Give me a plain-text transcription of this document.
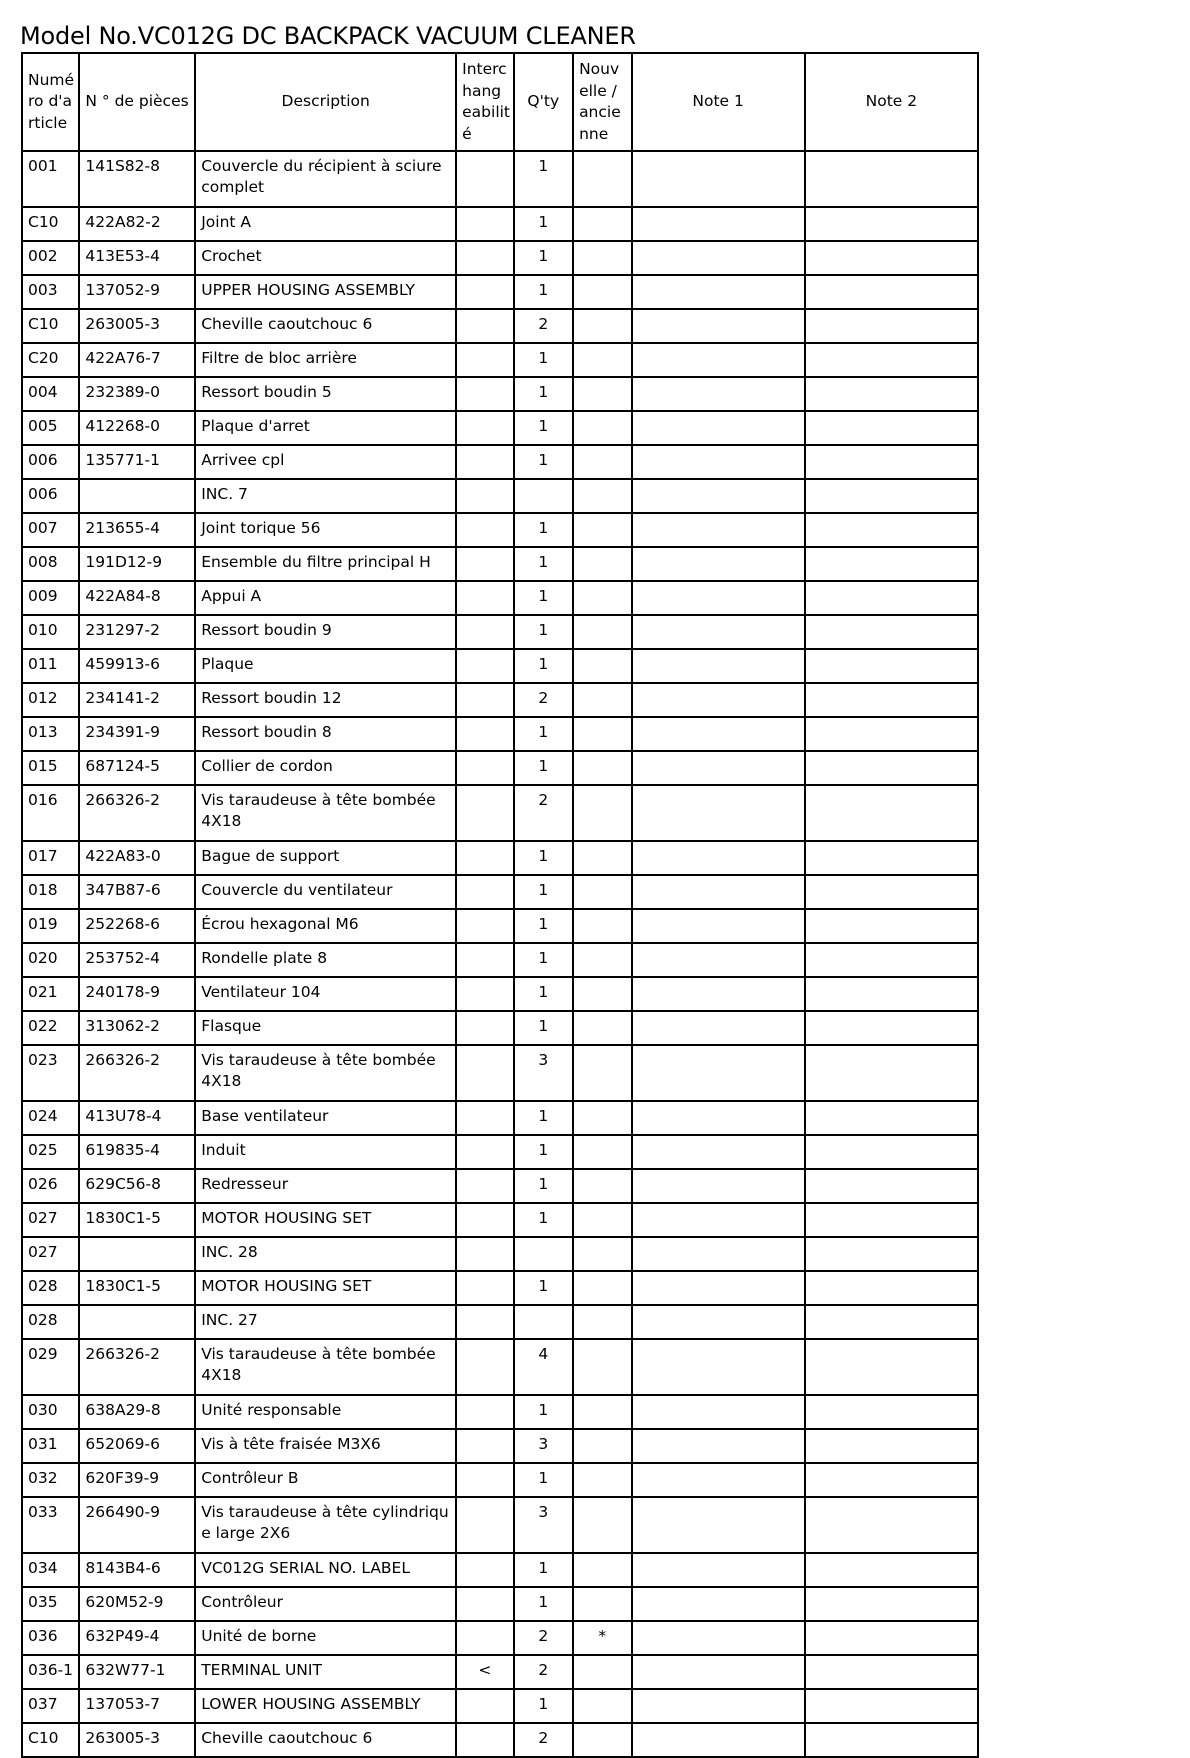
Model No.VC012G DC BACKPACK VACUUM CLEANER
Numé ro d'a rticle	N ° de pièces	Description	Interc hang eabilit é	Q'ty	Nouv elle / ancie nne	Note 1	Note 2
001	141S82-8	Couvercle du récipient à sciure complet		1			
C10	422A82-2	Joint A		1			
002	413E53-4	Crochet		1			
003	137052-9	UPPER HOUSING ASSEMBLY		1			
C10	263005-3	Cheville caoutchouc 6		2			
C20	422A76-7	Filtre de bloc arrière		1			
004	232389-0	Ressort boudin 5		1			
005	412268-0	Plaque d'arret		1			
006	135771-1	Arrivee cpl		1			
006		INC. 7					
007	213655-4	Joint torique 56		1			
008	191D12-9	Ensemble du filtre principal H		1			
009	422A84-8	Appui A		1			
010	231297-2	Ressort boudin 9		1			
011	459913-6	Plaque		1			
012	234141-2	Ressort boudin 12		2			
013	234391-9	Ressort boudin 8		1			
015	687124-5	Collier de cordon		1			
016	266326-2	Vis taraudeuse à tête bombée 4X18		2			
017	422A83-0	Bague de support		1			
018	347B87-6	Couvercle du ventilateur		1			
019	252268-6	Écrou hexagonal M6		1			
020	253752-4	Rondelle plate 8		1			
021	240178-9	Ventilateur 104		1			
022	313062-2	Flasque		1			
023	266326-2	Vis taraudeuse à tête bombée 4X18		3			
024	413U78-4	Base ventilateur		1			
025	619835-4	Induit		1			
026	629C56-8	Redresseur		1			
027	1830C1-5	MOTOR HOUSING SET		1			
027		INC. 28					
028	1830C1-5	MOTOR HOUSING SET		1			
028		INC. 27					
029	266326-2	Vis taraudeuse à tête bombée 4X18		4			
030	638A29-8	Unité responsable		1			
031	652069-6	Vis à tête fraisée M3X6		3			
032	620F39-9	Contrôleur B		1			
033	266490-9	Vis taraudeuse à tête cylindrique large 2X6		3			
034	8143B4-6	VC012G SERIAL NO. LABEL		1			
035	620M52-9	Contrôleur		1			
036	632P49-4	Unité de borne		2	*		
036-1	632W77-1	TERMINAL UNIT	<	2			
037	137053-7	LOWER HOUSING ASSEMBLY		1			
C10	263005-3	Cheville caoutchouc 6		2			
